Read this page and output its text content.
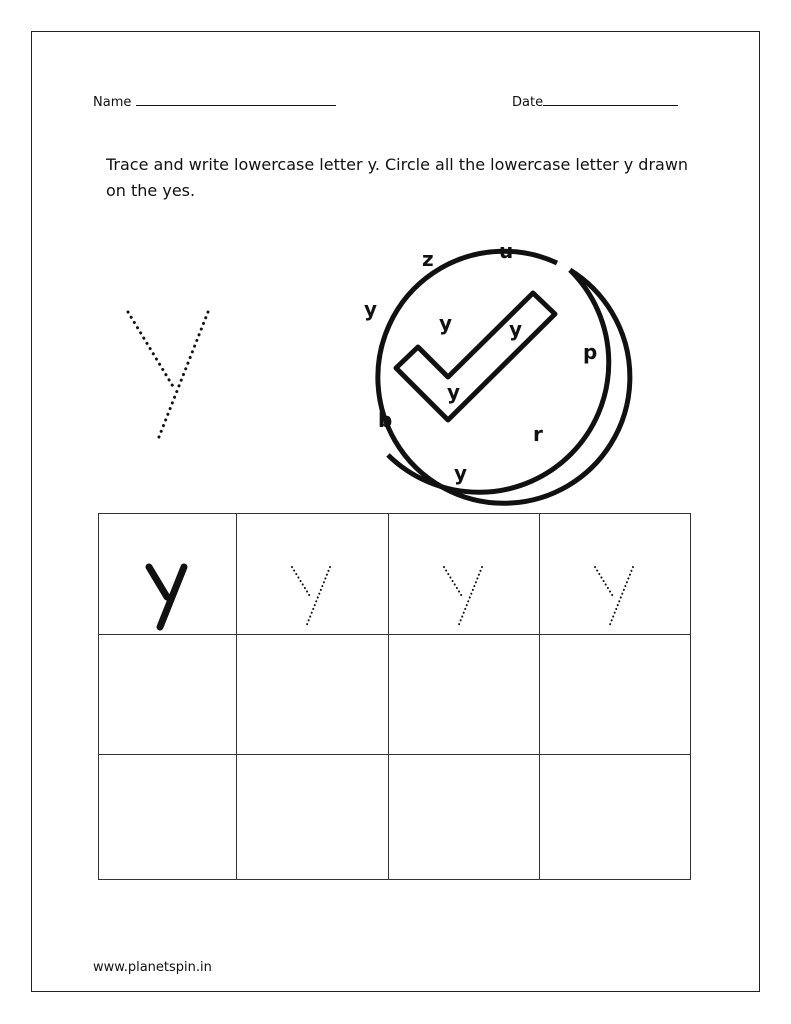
Name	Date
Trace and write lowercase letter y. Circle all the lowercase letter y drawn on the yes.
z	u
y
y	y
p
y
b
r
y

www.planetspin.in
